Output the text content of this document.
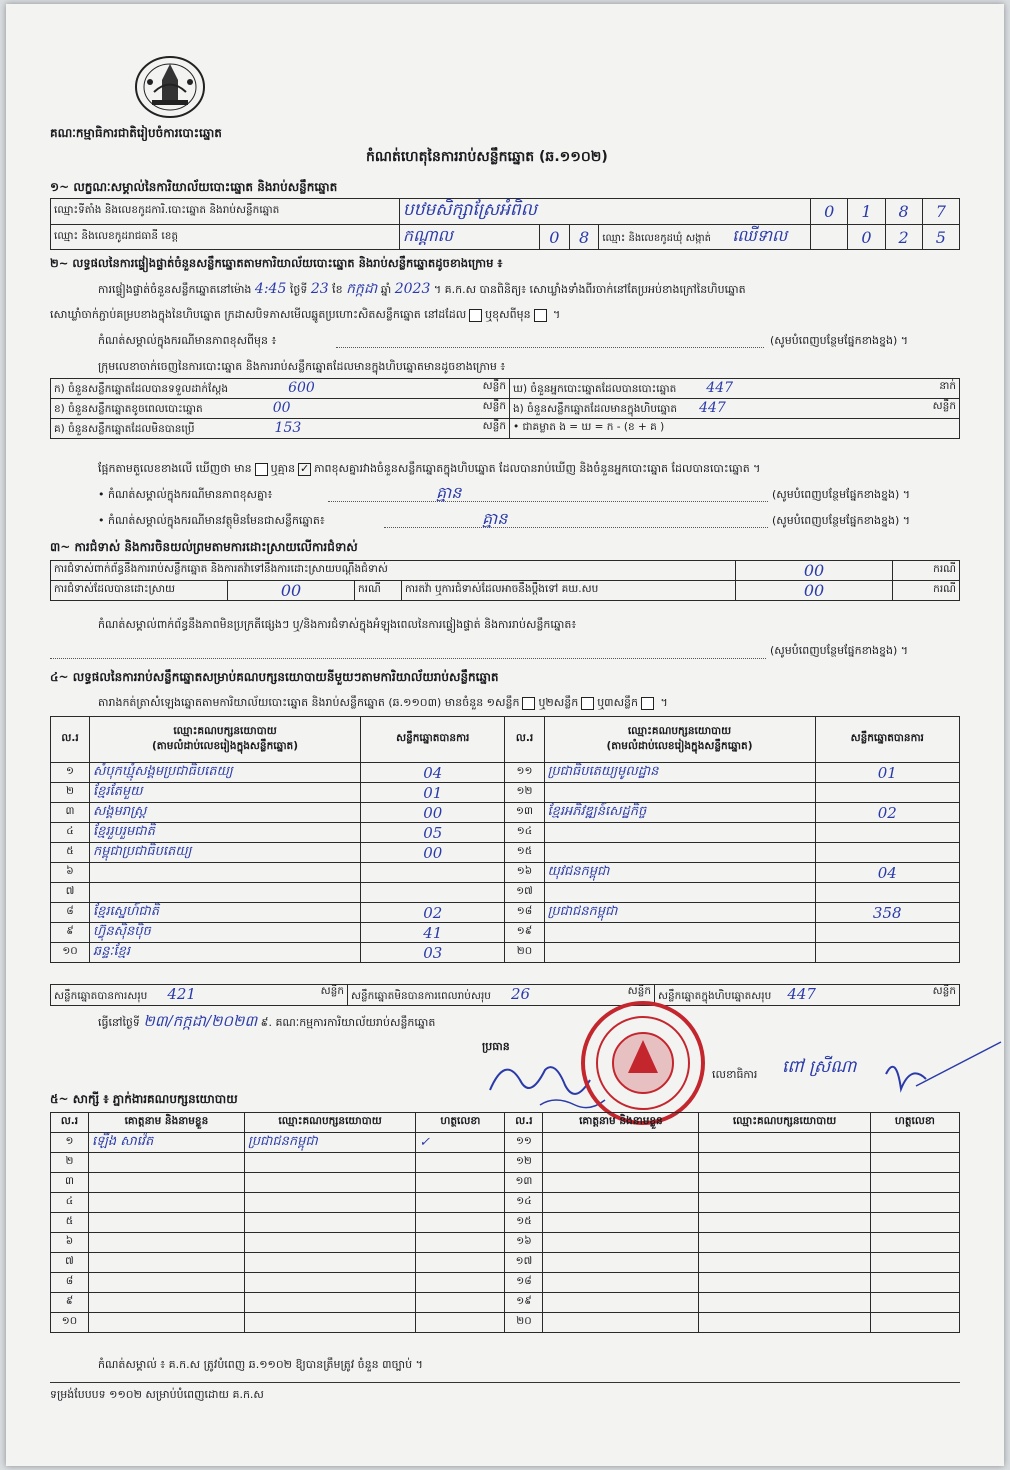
គណៈកម្មាធិការជាតិរៀបចំការបោះឆ្នោត
កំណត់ហេតុនៃការរាប់សន្លឹកឆ្នោត (ឆ.១១០២)
១~ លក្ខណៈសម្គាល់នៃការិយាល័យបោះឆ្នោត និងរាប់សន្លឹកឆ្នោត
ឈ្មោះទីតាំង និងលេខកូដការិ.បោះឆ្នោត និងរាប់សន្លឹកឆ្នោត	បឋមសិក្សាស្រែអំពិល				0	1	8	7
ឈ្មោះ និងលេខកូដរាជធានី ខេត្ត	កណ្ដាល	0	8	ឈ្មោះ និងលេខកូដឃុំ សង្កាត់ ឈើទាល		0	2	5
២~ លទ្ធផលនៃការផ្ទៀងផ្ទាត់ចំនួនសន្លឹកឆ្នោតតាមការិយាល័យបោះឆ្នោត និងរាប់សន្លឹកឆ្នោតដូចខាងក្រោម ៖
ការផ្ទៀងផ្ទាត់ចំនួនសន្លឹកឆ្នោតនៅម៉ោង 4:45 ថ្ងៃទី 23 ខែ កក្កដា ឆ្នាំ 2023 ។ គ.ក.ស បានពិនិត្យ៖ សោឃ្លាំងទាំងពីរចាក់នៅតែប្រអប់ខាងក្រៅនៃហិបឆ្នោត
សោឃ្លាំចាក់ភ្ជាប់គម្របខាងក្នុងនៃហិបឆ្នោត ក្រដាសបិទភាសមើលឆ្នូតប្រហោះសិតសន្លឹកឆ្នោត នៅដដែល ឬខុសពីមុន ។
កំណត់សម្គាល់ក្នុងករណីមានភាពខុសពីមុន ៖	(សូមបំពេញបន្ថែមផ្នែកខាងខ្នង) ។
ក្រុមលេខាចាក់ចេញនៃការបោះឆ្នោត និងការរាប់សន្លឹកឆ្នោតដែលមានក្នុងហិបឆ្នោតមានដូចខាងក្រោម ៖
ក) ចំនួនសន្លឹកឆ្នោតដែលបានទទួលដាក់ស្ដែង 600 សន្លឹក	ឃ) ចំនួនអ្នកបោះឆ្នោតដែលបានបោះឆ្នោត 447 នាក់

ខ) ចំនួនសន្លឹកឆ្នោតខូចពេលបោះឆ្នោត 00 សន្លឹក	ង) ចំនួនសន្លឹកឆ្នោតដែលមានក្នុងហិបឆ្នោត 447 សន្លឹក

គ) ចំនួនសន្លឹកឆ្នោតដែលមិនបានប្រើ 153 សន្លឹក	• ជាគម្លាត ង = ឃ = ក - (ខ + គ )
ផ្អែកតាមតួលេខខាងលើ ឃើញថា មាន ឬគ្មាន ✓ ភាពខុសគ្នារវាងចំនួនសន្លឹកឆ្នោតក្នុងហិបឆ្នោត ដែលបានរាប់ឃើញ និងចំនួនអ្នកបោះឆ្នោត ដែលបានបោះឆ្នោត ។
• កំណត់សម្គាល់ក្នុងករណីមានភាពខុសគ្នា៖	គ្មាន	(សូមបំពេញបន្ថែមផ្នែកខាងខ្នង) ។
• កំណត់សម្គាល់ក្នុងករណីមានវត្ថុមិនមែនជាសន្លឹកឆ្នោត៖	គ្មាន	(សូមបំពេញបន្ថែមផ្នែកខាងខ្នង) ។
៣~ ការជំទាស់ និងការចិនយល់ព្រមតាមការដោះស្រាយលើការជំទាស់
ការជំទាស់ពាក់ព័ន្ធនឹងការរាប់សន្លឹកឆ្នោត និងការតវ៉ាទៅនឹងការដោះស្រាយបណ្ដឹងជំទាស់				00	ករណី
ការជំទាស់ដែលបានដោះស្រាយ	00	ករណី	ការតវ៉ា ឬការជំទាស់ដែលអាចនឹងប្ដឹងទៅ គឃ.សប	00	ករណី
កំណត់សម្គាល់ពាក់ព័ន្ធនឹងភាពមិនប្រក្រតីផ្សេងៗ ឬ/និងការជំទាស់ក្នុងអំឡុងពេលនៃការផ្ទៀងផ្ទាត់ និងការរាប់សន្លឹកឆ្នោត៖
(សូមបំពេញបន្ថែមផ្នែកខាងខ្នង) ។
៤~ លទ្ធផលនៃការរាប់សន្លឹកឆ្នោតសម្រាប់គណបក្សនយោបាយនីមួយៗតាមការិយាល័យរាប់សន្លឹកឆ្នោត
តារាងកត់ត្រាសំឡេងឆ្នោតតាមការិយាល័យបោះឆ្នោត និងរាប់សន្លឹកឆ្នោត (ឆ.១១០៣) មានចំនួន ១សន្លឹក ឬ២សន្លឹក ឬ៣សន្លឹក ។
ល.រ	ឈ្មោះគណបក្សនយោបាយ
(តាមលំដាប់លេខរៀងក្នុងសន្លឹកឆ្នោត)	សន្លឹកឆ្នោតបានការ	ល.រ	ឈ្មោះគណបក្សនយោបាយ
(តាមលំដាប់លេខរៀងក្នុងសន្លឹកឆ្នោត)	សន្លឹកឆ្នោតបានការ
១	សំបុកឃ្មុំសង្គមប្រជាធិបតេយ្យ	04	១១	ប្រជាធិបតេយ្យមូលដ្ឋាន	01
២	ខ្មែរតែមួយ	01	១២		
៣	សង្គមរាស្ត្រ	00	១៣	ខ្មែរអភិវឌ្ឍន៍សេដ្ឋកិច្ច	02
៤	ខ្មែររួបរួមជាតិ	05	១៤		
៥	កម្ពុជាប្រជាធិបតេយ្យ	00	១៥		
៦			១៦	យុវជនកម្ពុជា	04
៧			១៧		
៨	ខ្មែរស្នេហ៍ជាតិ	02	១៨	ប្រជាជនកម្ពុជា	358
៩	ហ៊្វុនស៊ិនប៉ិច	41	១៩		
១០	ឆន្ទៈខ្មែរ	03	២០		
សន្លឹកឆ្នោតបានការសរុប 421	សន្លឹក	សន្លឹកឆ្នោតមិនបានការពេលរាប់សរុប 26	សន្លឹក	សន្លឹកឆ្នោតក្នុងហិបឆ្នោតសរុប 447	សន្លឹក
ធ្វើនៅថ្ងៃទី ២៣/កក្កដា/២០២៣ ៩. គណៈកម្មការការិយាល័យរាប់សន្លឹកឆ្នោត
ប្រធាន
លេខាធិការ ពៅ ស្រីណា
៥~ សាក្សី ៖ ភ្នាក់ងារគណបក្សនយោបាយ
ល.រ	គោត្តនាម និងនាមខ្លួន	ឈ្មោះគណបក្សនយោបាយ	ហត្ថលេខា	ល.រ	គោត្តនាម និងនាមខ្លួន	ឈ្មោះគណបក្សនយោបាយ	ហត្ថលេខា
១	ឡើង សាវ៉េត	ប្រជាជនកម្ពុជា	✓	១១			
២				១២			
៣				១៣			
៤				១៤			
៥				១៥			
៦				១៦			
៧				១៧			
៨				១៨			
៩				១៩			
១០				២០			
កំណត់សម្គាល់ ៖ គ.ក.ស ត្រូវបំពេញ ឆ.១១០២ ឱ្យបានត្រឹមត្រូវ ចំនួន ៣ច្បាប់ ។
ទម្រង់បែបបទ ១១០២ សម្រាប់បំពេញដោយ គ.ក.ស
